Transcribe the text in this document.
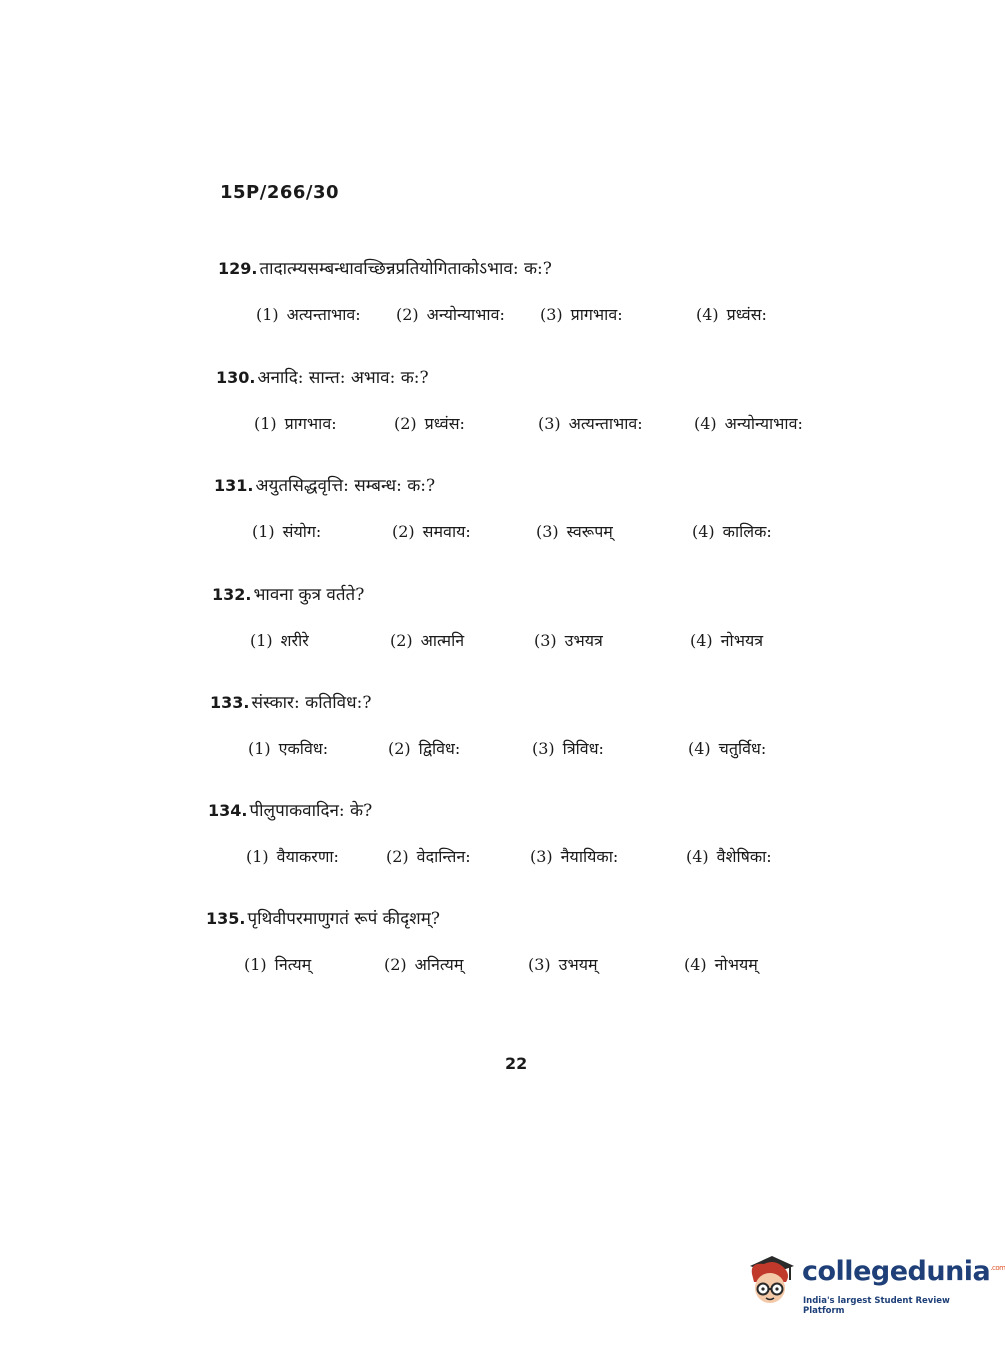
15P/266/30
129. तादात्म्यसम्बन्धावच्छिन्नप्रतियोगिताकोऽभाव: क:?
(1) अत्यन्ताभाव: (2) अन्योन्याभाव: (3) प्रागभाव:	(4) प्रध्वंस:
130. अनादि: सान्त: अभाव: क:?
(1) प्रागभाव:	(2) प्रध्वंस:	(3) अत्यन्ताभाव:	(4) अन्योन्याभाव:
131. अयुतसिद्धवृत्ति: सम्बन्ध: क:?
(1) संयोग:	(2) समवाय:	(3) स्वरूपम्	(4) कालिक:
132. भावना कुत्र वर्तते?
(1) शरीरे	(2) आत्मनि	(3) उभयत्र	(4) नोभयत्र
133. संस्कार: कतिविध:?
(1) एकविध:	(2) द्विविध:	(3) त्रिविध:	(4) चतुर्विध:
134. पीलुपाकवादिन: के?
(1) वैयाकरणा:	(2) वेदान्तिन:	(3) नैयायिका:	(4) वैशेषिका:
135. पृथिवीपरमाणुगतं रूपं कीदृशम्?
(1) नित्यम्	(2) अनित्यम्	(3) उभयम्	(4) नोभयम्
22
collegedunia$^{.com}$
India's largest Student Review Platform
